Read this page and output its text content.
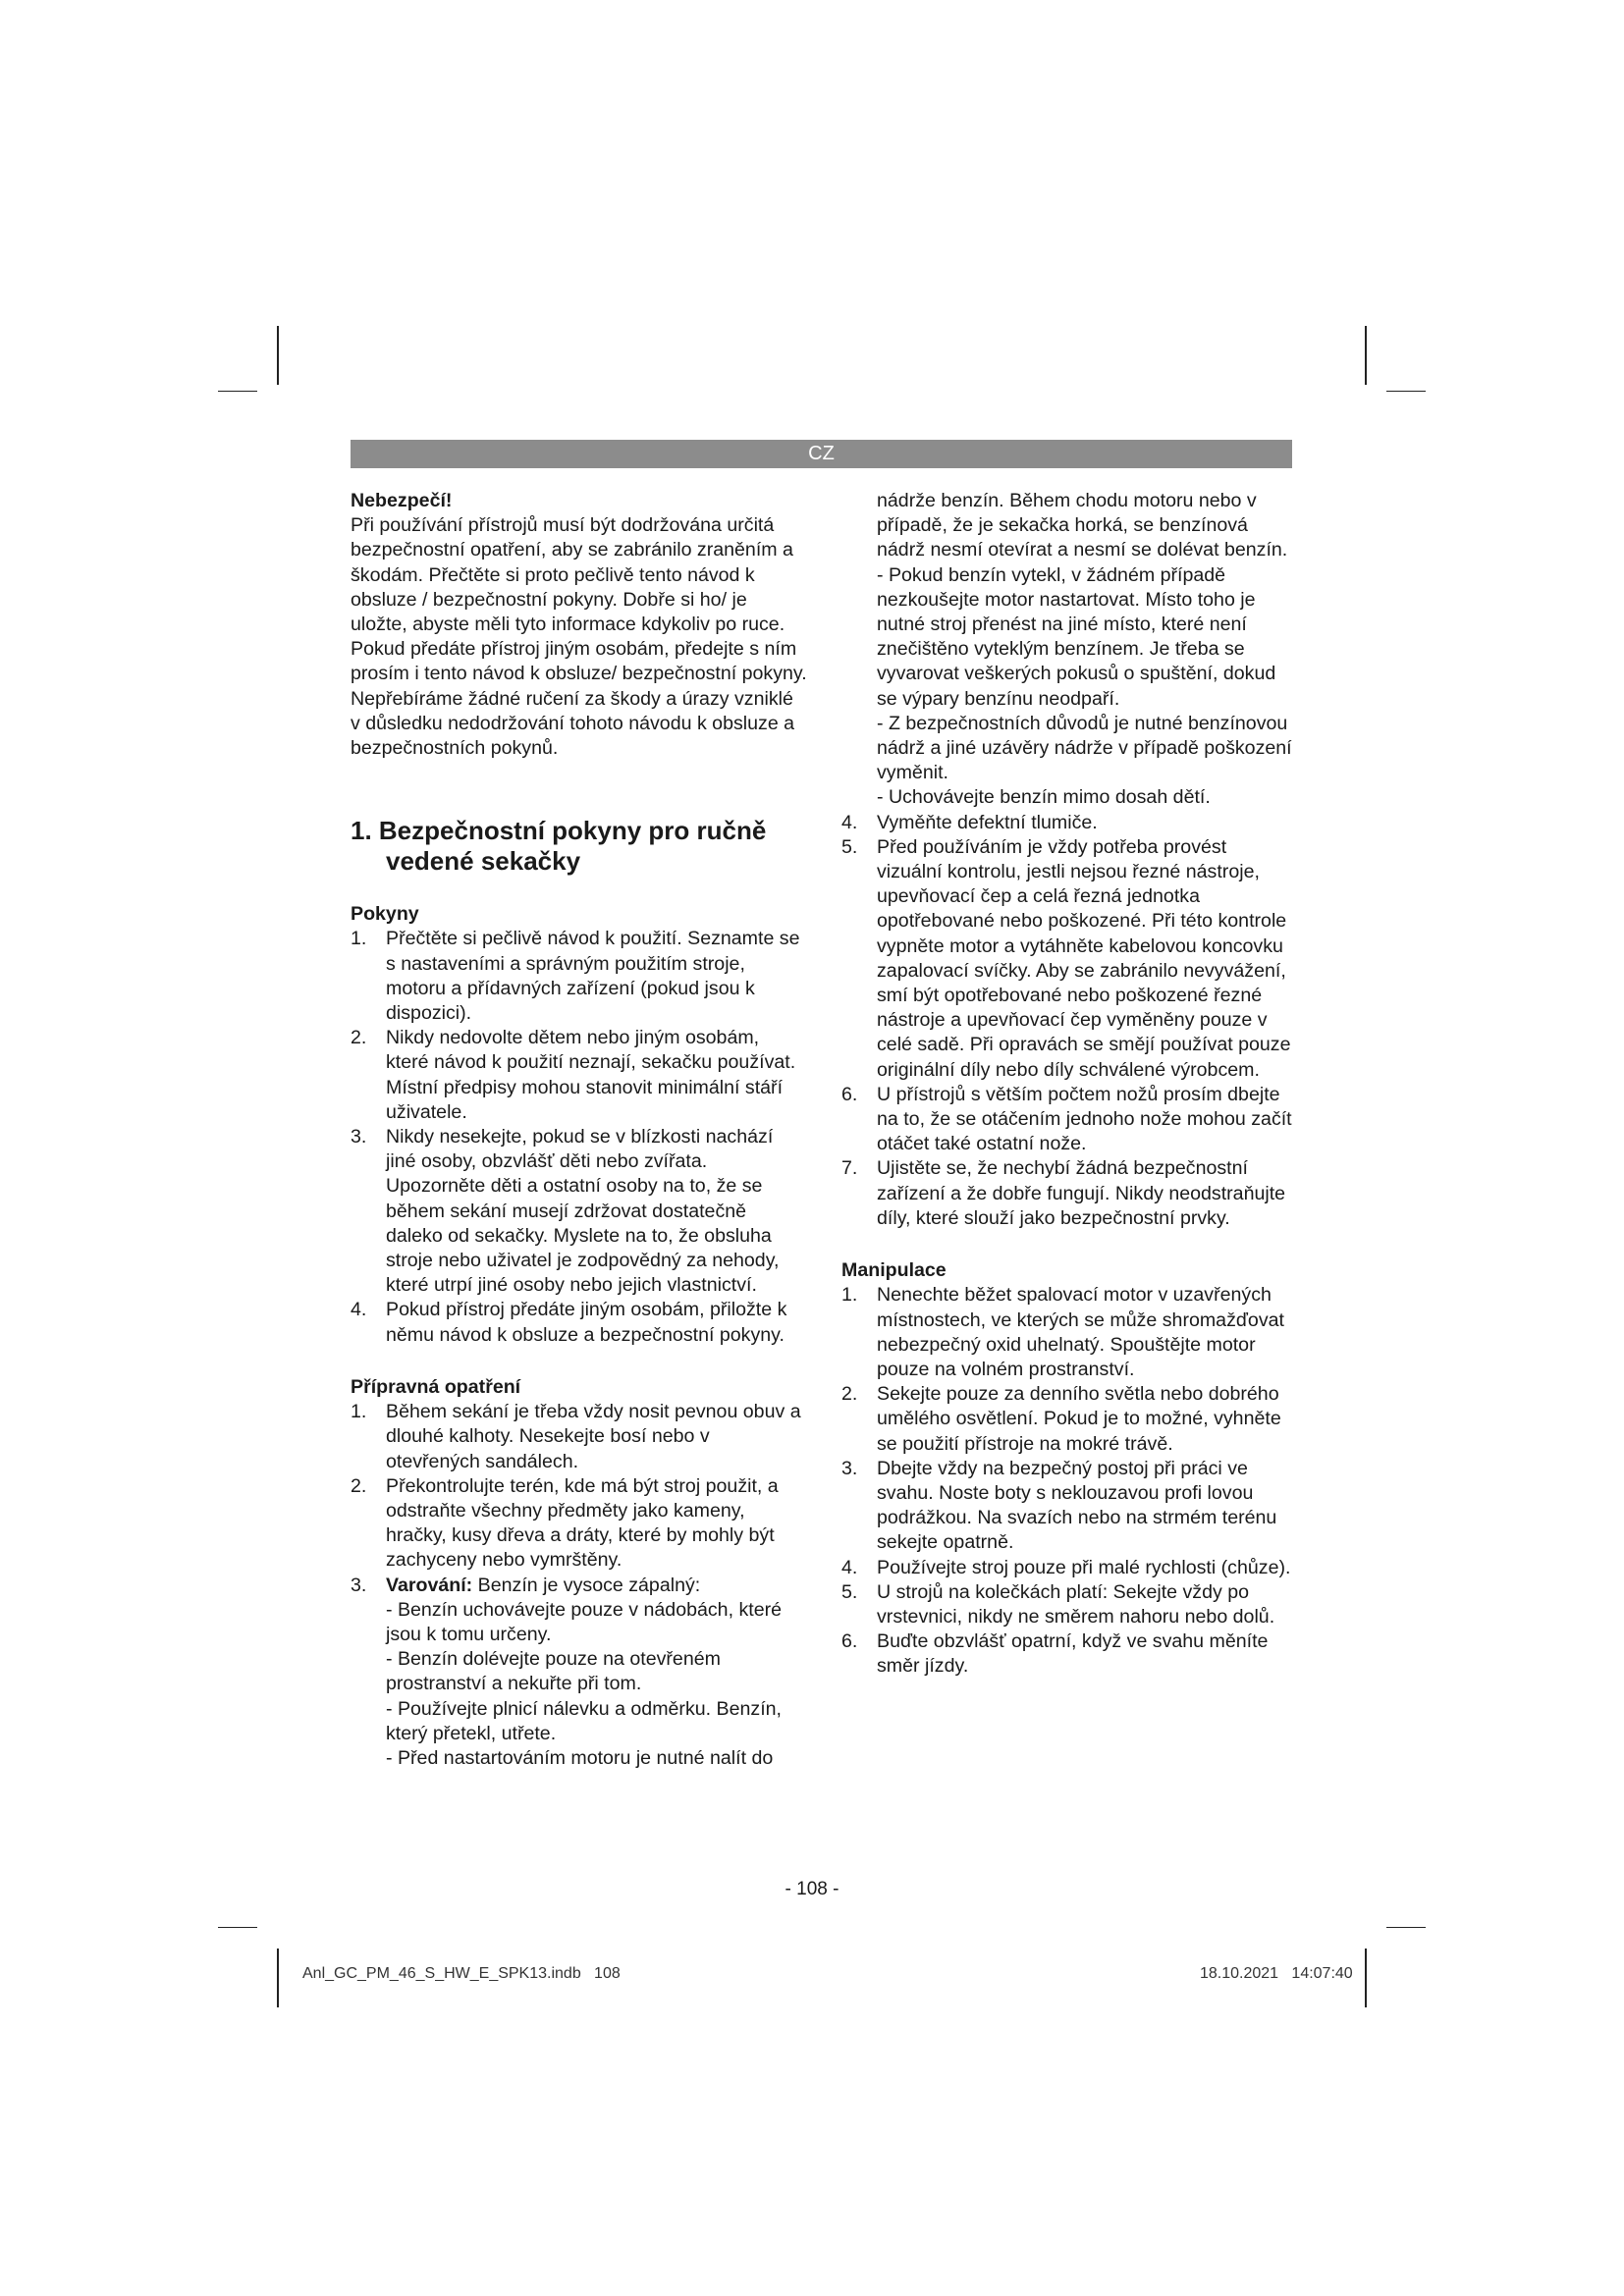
CZ

Nebezpečí!

Při používání přístrojů musí být dodržována určitá bezpečnostní opatření, aby se zabránilo zraněním a škodám. Přečtěte si proto pečlivě tento návod k obsluze / bezpečnostní pokyny. Dobře si ho/ je uložte, abyste měli tyto informace kdykoliv po ruce. Pokud předáte přístroj jiným osobám, předejte s ním prosím i tento návod k obsluze/ bezpečnostní pokyny. Nepřebíráme žádné ručení za škody a úrazy vzniklé v důsledku nedodržování tohoto návodu k obsluze a bezpečnostních pokynů.

1. Bezpečnostní pokyny pro ručně vedené sekačky

Pokyny

1. Přečtěte si pečlivě návod k použití. Seznamte se s nastaveními a správným použitím stroje, motoru a přídavných zařízení (pokud jsou k dispozici).
2. Nikdy nedovolte dětem nebo jiným osobám, které návod k použití neznají, sekačku používat. Místní předpisy mohou stanovit minimální stáří uživatele.
3. Nikdy nesekejte, pokud se v blízkosti nachází jiné osoby, obzvlášť děti nebo zvířata. Upozorněte děti a ostatní osoby na to, že se během sekání musejí zdržovat dostatečně daleko od sekačky. Myslete na to, že obsluha stroje nebo uživatel je zodpovědný za nehody, které utrpí jiné osoby nebo jejich vlastnictví.
4. Pokud přístroj předáte jiným osobám, přiložte k němu návod k obsluze a bezpečnostní pokyny.

Přípravná opatření

1. Během sekání je třeba vždy nosit pevnou obuv a dlouhé kalhoty. Nesekejte bosí nebo v otevřených sandálech.
2. Překontrolujte terén, kde má být stroj použit, a odstraňte všechny předměty jako kameny, hračky, kusy dřeva a dráty, které by mohly být zachyceny nebo vymrštěny.
3. Varování: Benzín je vysoce zápalný:
- Benzín uchovávejte pouze v nádobách, které jsou k tomu určeny.
- Benzín dolévejte pouze na otevřeném prostranství a nekuřte při tom.
- Používejte plnicí nálevku a odměrku. Benzín, který přetekl, utřete.
- Před nastartováním motoru je nutné nalít do
nádrže benzín. Během chodu motoru nebo v případě, že je sekačka horká, se benzínová nádrž nesmí otevírat a nesmí se dolévat benzín.
- Pokud benzín vytekl, v žádném případě nezkoušejte motor nastartovat. Místo toho je nutné stroj přenést na jiné místo, které není znečištěno vyteklým benzínem. Je třeba se vyvarovat veškerých pokusů o spuštění, dokud se výpary benzínu neodpaří.
- Z bezpečnostních důvodů je nutné benzínovou nádrž a jiné uzávěry nádrže v případě poškození vyměnit.
- Uchovávejte benzín mimo dosah dětí.
4. Vyměňte defektní tlumiče.
5. Před používáním je vždy potřeba provést vizuální kontrolu, jestli nejsou řezné nástroje, upevňovací čep a celá řezná jednotka opotřebované nebo poškozené. Při této kontrole vypněte motor a vytáhněte kabelovou koncovku zapalovací svíčky. Aby se zabránilo nevyvážení, smí být opotřebované nebo poškozené řezné nástroje a upevňovací čep vyměněny pouze v celé sadě. Při opravách se smějí používat pouze originální díly nebo díly schválené výrobcem.
6. U přístrojů s větším počtem nožů prosím dbejte na to, že se otáčením jednoho nože mohou začít otáčet také ostatní nože.
7. Ujistěte se, že nechybí žádná bezpečnostní zařízení a že dobře fungují. Nikdy neodstraňujte díly, které slouží jako bezpečnostní prvky.

Manipulace

1. Nenechte běžet spalovací motor v uzavřených místnostech, ve kterých se může shromažďovat nebezpečný oxid uhelnatý. Spouštějte motor pouze na volném prostranství.
2. Sekejte pouze za denního světla nebo dobrého umělého osvětlení. Pokud je to možné, vyhněte se použití přístroje na mokré trávě.
3. Dbejte vždy na bezpečný postoj při práci ve svahu. Noste boty s neklouzavou profi lovou podrážkou. Na svazích nebo na strmém terénu sekejte opatrně.
4. Používejte stroj pouze při malé rychlosti (chůze).
5. U strojů na kolečkách platí: Sekejte vždy po vrstevnici, nikdy ne směrem nahoru nebo dolů.
6. Buďte obzvlášť opatrní, když ve svahu měníte směr jízdy.
- 108 -
Anl_GC_PM_46_S_HW_E_SPK13.indb   108	18.10.2021   14:07:40
